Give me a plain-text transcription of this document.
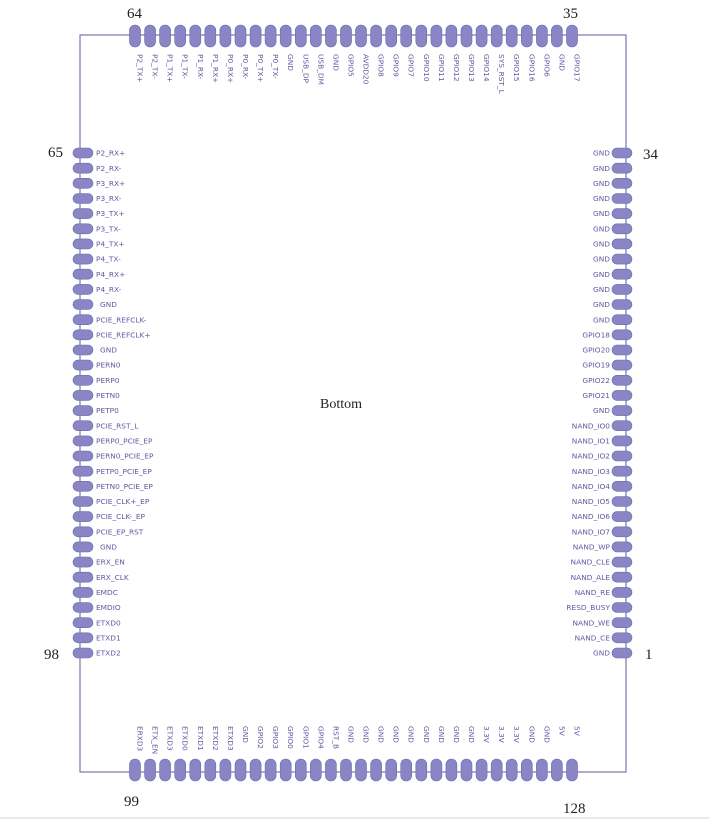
P2_TX+ P2_TX- P1_TX+ P1_TX- P1_RX- P1_RX+ P0_RX+ P0_RX- P0_TX+ P0_TX- GND USB_DP USB_DM GND GPIO5 AVDD20 GPIO8 GPIO9 GPIO7 GPIO10 GPIO11 GPIO12 GPIO13 GPIO14 SYS_RST_L GPIO15 GPIO16 GPIO6 GND GPIO17
P2_RX+
P2_RX-
P3_RX+
P3_RX-
P3_TX+
P3_TX-
P4_TX+
P4_TX-
P4_RX+
P4_RX-
GND
PCIE_REFCLK-
PCIE_REFCLK+
GND
PERN0
PERP0
PETN0
PETP0
PCIE_RST_L
PERP0_PCIE_EP
PERN0_PCIE_EP
PETP0_PCIE_EP
PETN0_PCIE_EP
PCIE_CLK+_EP
PCIE_CLK-_EP
PCIE_EP_RST
GND
ERX_EN
ERX_CLK
EMDC
EMDIO
ETXD0
ETXD1
ETXD2
GND
GND
GND
GND
GND
GND
GND
GND
GND
GND
GND
GND
GPIO18
GPIO20
GPIO19
GPIO22
GPIO21
GND
NAND_IO0
NAND_IO1
NAND_IO2
NAND_IO3
NAND_IO4
NAND_IO5
NAND_IO6
NAND_IO7
NAND_WP
NAND_CLE
NAND_ALE
NAND_RE
RESD_BUSY
NAND_WE
NAND_CE
GND
ERXD3 ETX_EN ETXD3 ETXD0 ETXD1 ETXD2 ETXD3 GND GPIO2 GPIO3 GPIO0 GPIO1 GPIO4 RST_B GND GND GND GND GND GND GND GND GND 3.3V 3.3V 3.3V GND GND 5V 5V
Bottom
64	35
65	34
98	1
99	128
